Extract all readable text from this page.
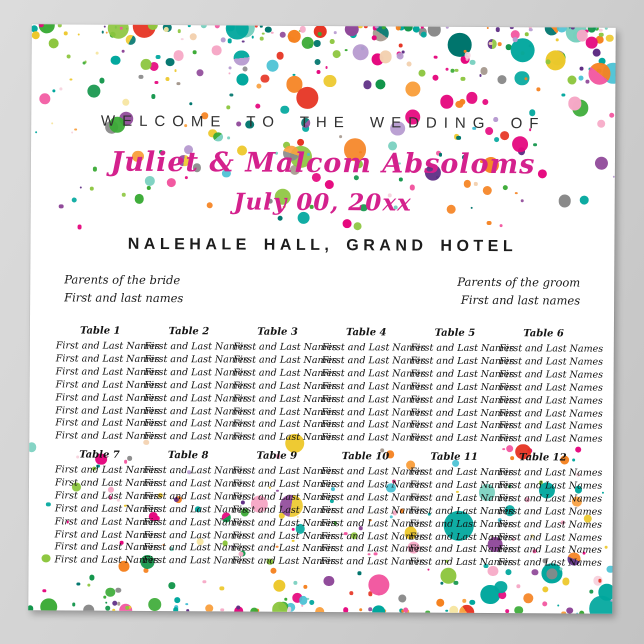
WELCOME TO THE WEDDING OF
Juliet & Malcom Absoloms
July 00, 20xx
NALEHALE HALL, GRAND HOTEL
Parents of the bride
First and last names
Parents of the groom
First and last names
Table 1
First and Last Names
First and Last Names
First and Last Names
First and Last Names
First and Last Names
First and Last Names
First and Last Names
First and Last Names
Table 2
First and Last Names
First and Last Names
First and Last Names
First and Last Names
First and Last Names
First and Last Names
First and Last Names
First and Last Names
Table 3
First and Last Names
First and Last Names
First and Last Names
First and Last Names
First and Last Names
First and Last Names
First and Last Names
First and Last Names
Table 4
First and Last Names
First and Last Names
First and Last Names
First and Last Names
First and Last Names
First and Last Names
First and Last Names
First and Last Names
Table 5
First and Last Names
First and Last Names
First and Last Names
First and Last Names
First and Last Names
First and Last Names
First and Last Names
First and Last Names
Table 6
First and Last Names
First and Last Names
First and Last Names
First and Last Names
First and Last Names
First and Last Names
First and Last Names
First and Last Names
Table 7
First and Last Names
First and Last Names
First and Last Names
First and Last Names
First and Last Names
First and Last Names
First and Last Names
First and Last Names
Table 8
First and Last Names
First and Last Names
First and Last Names
First and Last Names
First and Last Names
First and Last Names
First and Last Names
First and Last Names
Table 9
First and Last Names
First and Last Names
First and Last Names
First and Last Names
First and Last Names
First and Last Names
First and Last Names
First and Last Names
Table 10
First and Last Names
First and Last Names
First and Last Names
First and Last Names
First and Last Names
First and Last Names
First and Last Names
First and Last Names
Table 11
First and Last Names
First and Last Names
First and Last Names
First and Last Names
First and Last Names
First and Last Names
First and Last Names
First and Last Names
Table 12
First and Last Names
First and Last Names
First and Last Names
First and Last Names
First and Last Names
First and Last Names
First and Last Names
First and Last Names
